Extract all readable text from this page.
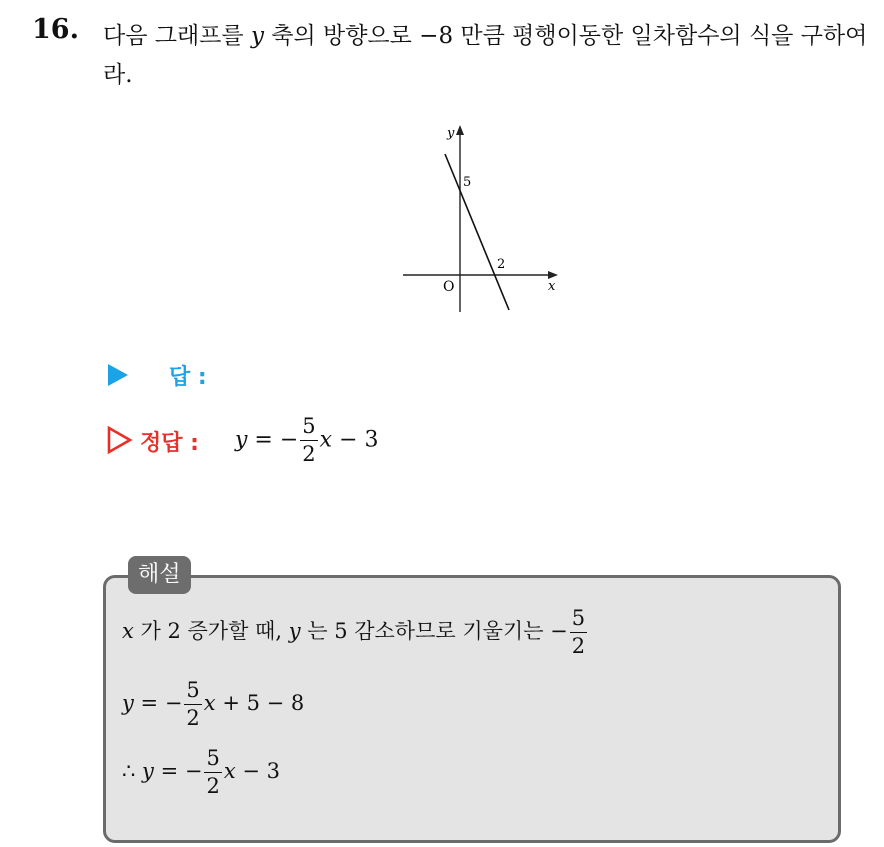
16. 다음 그래프를 y 축의 방향으로 −8 만큼 평행이동한 일차함수의 식을 구하여라.
y
x
O
5
2
답 :
정답 : y = − $\frac{5}{2}$ x − 3
해설
x 가 2 증가할 때, y 는 5 감소하므로 기울기는 − $\frac{5}{2}$
y = − $\frac{5}{2}$ x + 5 − 8
∴ y = − $\frac{5}{2}$ x − 3
